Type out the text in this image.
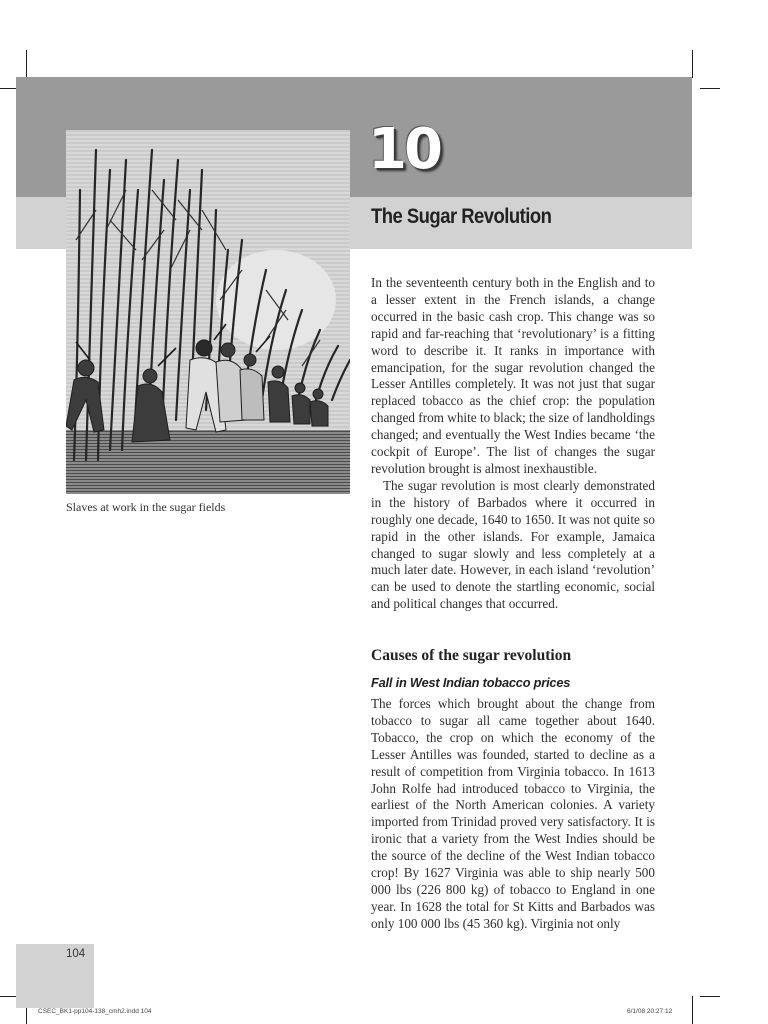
10
The Sugar Revolution
Slaves at work in the sugar fields

In the seventeenth century both in the English and to a lesser extent in the French islands, a change occurred in the basic cash crop. This change was so rapid and far-reaching that ‘revolutionary’ is a fitting word to describe it. It ranks in importance with emancipation, for the sugar revolution changed the Lesser Antilles completely. It was not just that sugar replaced tobacco as the chief crop: the population changed from white to black; the size of landholdings changed; and eventually the West Indies became ‘the cockpit of Europe’. The list of changes the sugar revolution brought is almost inexhaustible.

The sugar revolution is most clearly demonstrated in the history of Barbados where it occurred in roughly one decade, 1640 to 1650. It was not quite so rapid in the other islands. For example, Jamaica changed to sugar slowly and less completely at a much later date. However, in each island ‘revolution’ can be used to denote the startling economic, social and political changes that occurred.

Causes of the sugar revolution
Fall in West Indian tobacco prices

The forces which brought about the change from tobacco to sugar all came together about 1640. Tobacco, the crop on which the economy of the Lesser Antilles was founded, started to decline as a result of competition from Virginia tobacco. In 1613 John Rolfe had introduced tobacco to Virginia, the earliest of the North American colonies. A variety imported from Trinidad proved very satisfactory. It is ironic that a variety from the West Indies should be the source of the decline of the West Indian tobacco crop! By 1627 Virginia was able to ship nearly 500 000 lbs (226 800 kg) of tobacco to England in one year. In 1628 the total for St Kitts and Barbados was only 100 000 lbs (45 360 kg). Virginia not only

104
CSEC_BK1-pp104-138_cmh2.indd 104	6/1/08 20:27:12
